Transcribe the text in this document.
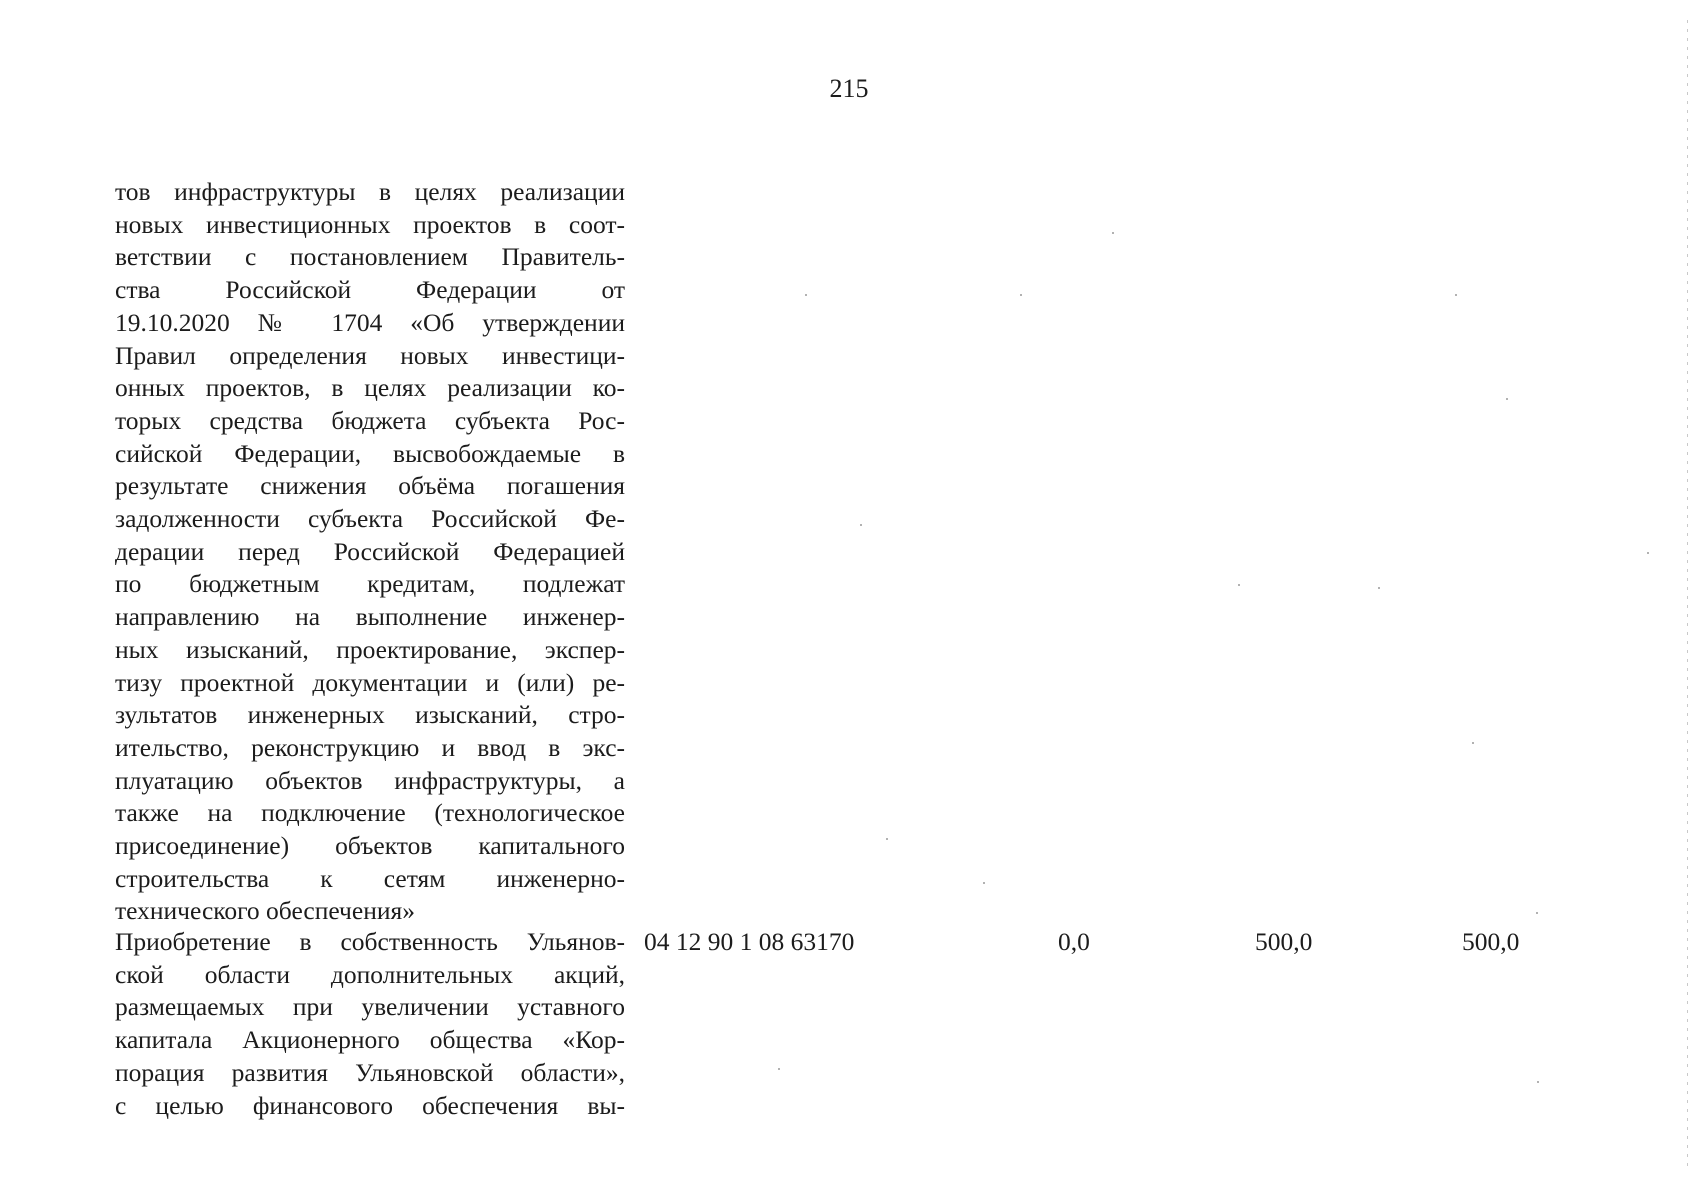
215
тов инфраструктуры в целях реализации
новых инвестиционных проектов в соот-
ветствии с постановлением Правитель-
ства Российской Федерации от
19.10.2020 № 1704 «Об утверждении
Правил определения новых инвестици-
онных проектов, в целях реализации ко-
торых средства бюджета субъекта Рос-
сийской Федерации, высвобождаемые в
результате снижения объёма погашения
задолженности субъекта Российской Фе-
дерации перед Российской Федерацией
по бюджетным кредитам, подлежат
направлению на выполнение инженер-
ных изысканий, проектирование, экспер-
тизу проектной документации и (или) ре-
зультатов инженерных изысканий, стро-
ительство, реконструкцию и ввод в экс-
плуатацию объектов инфраструктуры, а
также на подключение (технологическое
присоединение) объектов капитального
строительства к сетям инженерно-
технического обеспечения»
Приобретение в собственность Ульянов-
ской области дополнительных акций,
размещаемых при увеличении уставного
капитала Акционерного общества «Кор-
порация развития Ульяновской области»,
с целью финансового обеспечения вы-
04 12 90 1 08 63170	0,0	500,0	500,0
